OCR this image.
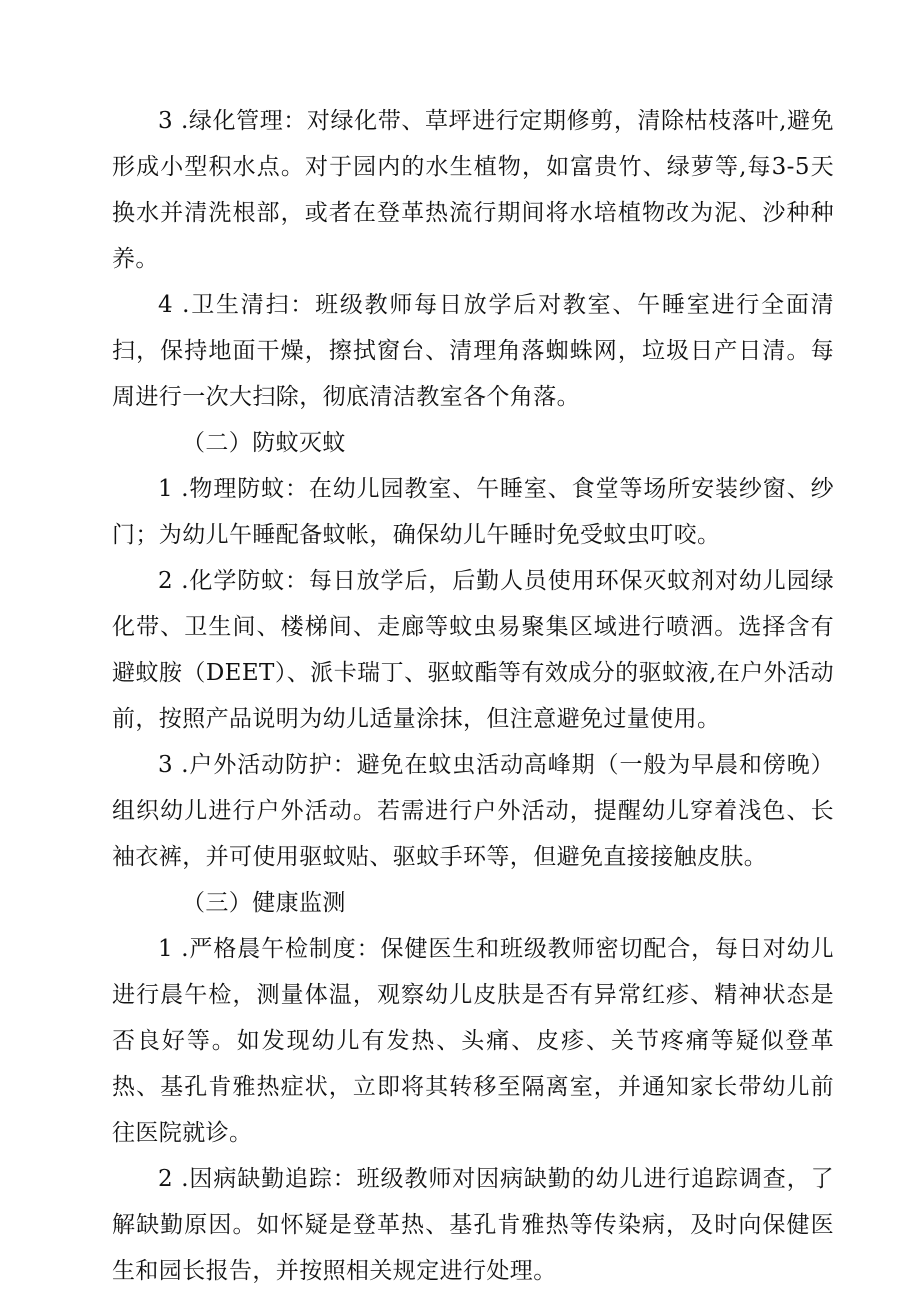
3 .绿化管理：对绿化带、草坪进行定期修剪，清除枯枝落叶,避免形成小型积水点。对于园内的水生植物，如富贵竹、绿萝等,每3-5天换水并清洗根部，或者在登革热流行期间将水培植物改为泥、沙种种养。

4 .卫生清扫：班级教师每日放学后对教室、午睡室进行全面清扫，保持地面干燥，擦拭窗台、清理角落蜘蛛网，垃圾日产日清。每周进行一次大扫除，彻底清洁教室各个角落。

（二）防蚊灭蚊

1 .物理防蚊：在幼儿园教室、午睡室、食堂等场所安装纱窗、纱门；为幼儿午睡配备蚊帐，确保幼儿午睡时免受蚊虫叮咬。

2 .化学防蚊：每日放学后，后勤人员使用环保灭蚊剂对幼儿园绿化带、卫生间、楼梯间、走廊等蚊虫易聚集区域进行喷洒。选择含有避蚊胺（DEET）、派卡瑞丁、驱蚊酯等有效成分的驱蚊液,在户外活动前，按照产品说明为幼儿适量涂抹，但注意避免过量使用。

3 .户外活动防护：避免在蚊虫活动高峰期（一般为早晨和傍晚）组织幼儿进行户外活动。若需进行户外活动，提醒幼儿穿着浅色、长袖衣裤，并可使用驱蚊贴、驱蚊手环等，但避免直接接触皮肤。

（三）健康监测

1 .严格晨午检制度：保健医生和班级教师密切配合，每日对幼儿进行晨午检，测量体温，观察幼儿皮肤是否有异常红疹、精神状态是否良好等。如发现幼儿有发热、头痛、皮疹、关节疼痛等疑似登革热、基孔肯雅热症状，立即将其转移至隔离室，并通知家长带幼儿前往医院就诊。

2 .因病缺勤追踪：班级教师对因病缺勤的幼儿进行追踪调查，了解缺勤原因。如怀疑是登革热、基孔肯雅热等传染病，及时向保健医生和园长报告，并按照相关规定进行处理。
